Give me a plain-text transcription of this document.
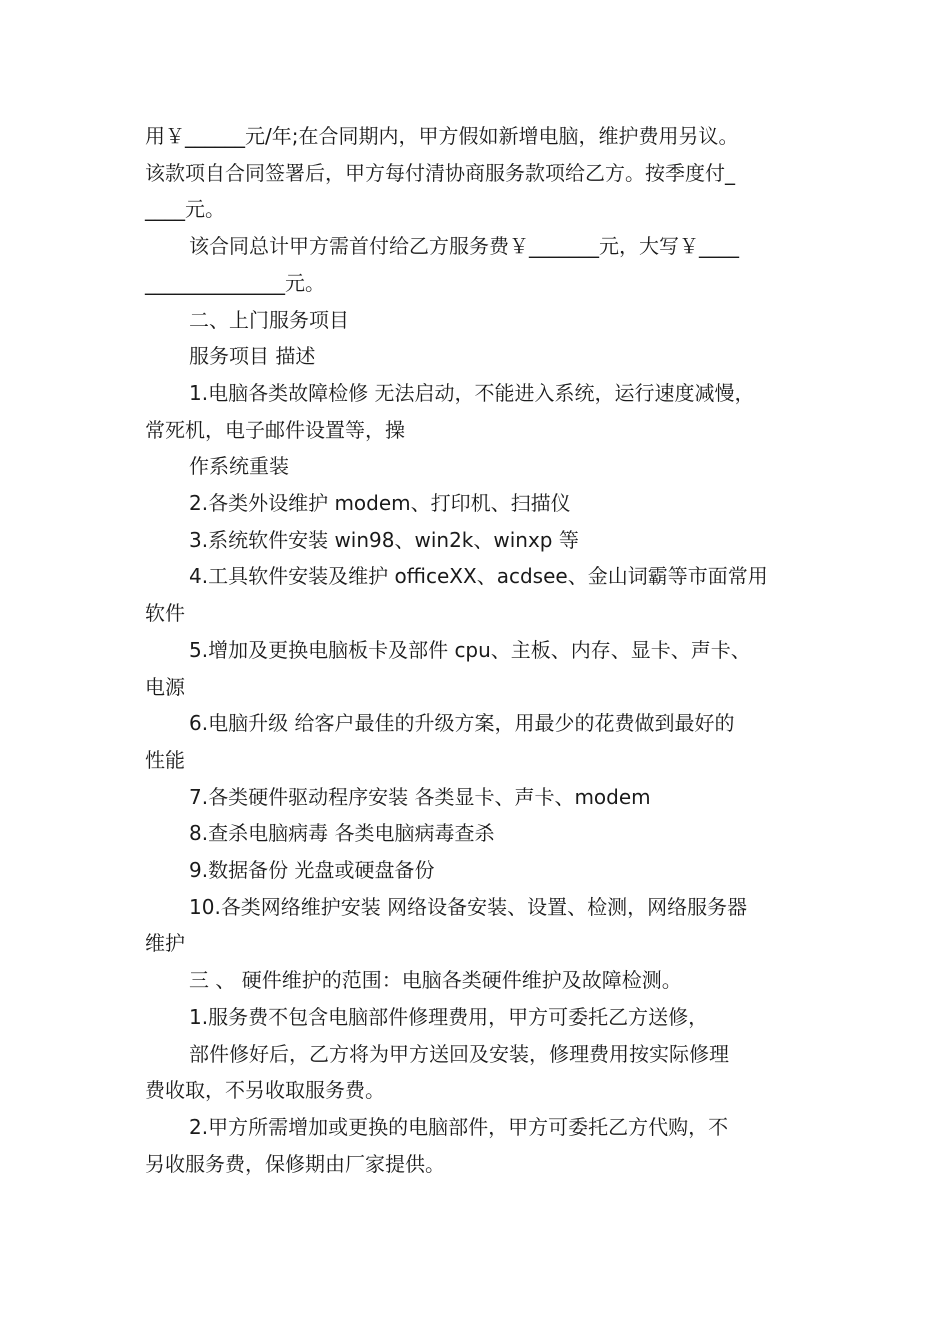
用￥______元/年;在合同期内，甲方假如新增电脑，维护费用另议。

该款项自合同签署后，甲方每付清协商服务款项给乙方。按季度付_

____元。

该合同总计甲方需首付给乙方服务费￥_______元，大写￥____

______________元。

二、上门服务项目

服务项目 描述

1.电脑各类故障检修 无法启动，不能进入系统，运行速度减慢，

常死机，电子邮件设置等，操

作系统重装

2.各类外设维护 modem、打印机、扫描仪

3.系统软件安装 win98、win2k、winxp 等

4.工具软件安装及维护 officeXX、acdsee、金山词霸等市面常用

软件

5.增加及更换电脑板卡及部件 cpu、主板、内存、显卡、声卡、

电源

6.电脑升级 给客户最佳的升级方案，用最少的花费做到最好的

性能

7.各类硬件驱动程序安装 各类显卡、声卡、modem

8.查杀电脑病毒 各类电脑病毒查杀

9.数据备份 光盘或硬盘备份

10.各类网络维护安装 网络设备安装、设置、检测，网络服务器

维护

三 、 硬件维护的范围：电脑各类硬件维护及故障检测。

1.服务费不包含电脑部件修理费用，甲方可委托乙方送修，

部件修好后，乙方将为甲方送回及安装，修理费用按实际修理

费收取，不另收取服务费。

2.甲方所需增加或更换的电脑部件，甲方可委托乙方代购，不

另收服务费，保修期由厂家提供。
